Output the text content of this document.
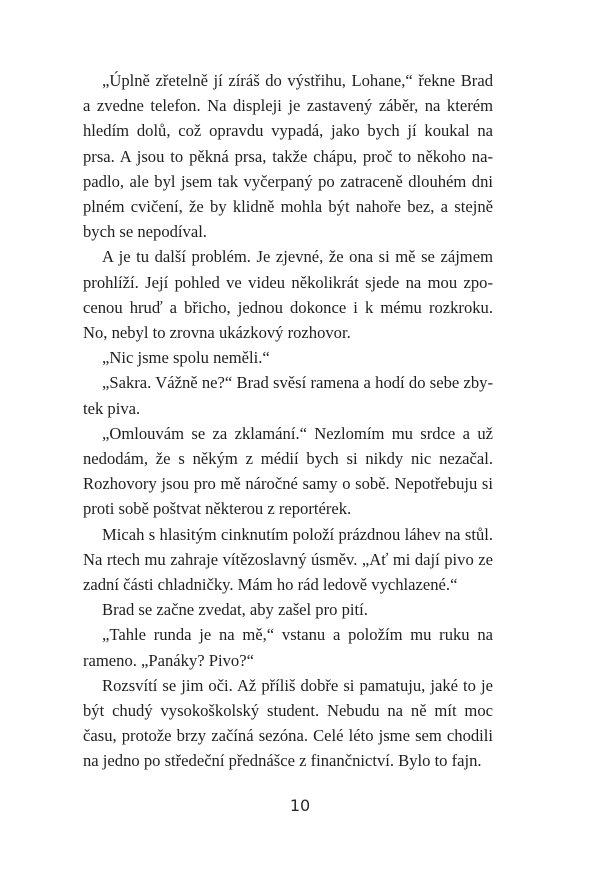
„Úplně zřetelně jí zíráš do výstřihu, Lohane,“ řekne Brad a zvedne telefon. Na displeji je zastavený záběr, na kterém hledím dolů, což opravdu vypadá, jako bych jí koukal na prsa. A jsou to pěkná prsa, takže chápu, proč to někoho napadlo, ale byl jsem tak vyčerpaný po zatraceně dlouhém dni plném cvičení, že by klidně mohla být nahoře bez, a stejně bych se nepodíval.

A je tu další problém. Je zjevné, že ona si mě se zájmem prohlíží. Její pohled ve videu několikrát sjede na mou zpocenou hruď a břicho, jednou dokonce i k mému rozkroku. No, nebyl to zrovna ukázkový rozhovor.

„Nic jsme spolu neměli.“

„Sakra. Vážně ne?“ Brad svěsí ramena a hodí do sebe zbytek piva.

„Omlouvám se za zklamání.“ Nezlomím mu srdce a už nedodám, že s někým z médií bych si nikdy nic nezačal. Rozhovory jsou pro mě náročné samy o sobě. Nepotřebuju si proti sobě poštvat některou z reportérek.

Micah s hlasitým cinknutím položí prázdnou láhev na stůl. Na rtech mu zahraje vítězoslavný úsměv. „Ať mi dají pivo ze zadní části chladničky. Mám ho rád ledově vychlazené.“

Brad se začne zvedat, aby zašel pro pití.

„Tahle runda je na mě,“ vstanu a položím mu ruku na rameno. „Panáky? Pivo?“

Rozsvítí se jim oči. Až příliš dobře si pamatuju, jaké to je být chudý vysokoškolský student. Nebudu na ně mít moc času, protože brzy začíná sezóna. Celé léto jsme sem chodili na jedno po středeční přednášce z finančnictví. Bylo to fajn.

10
